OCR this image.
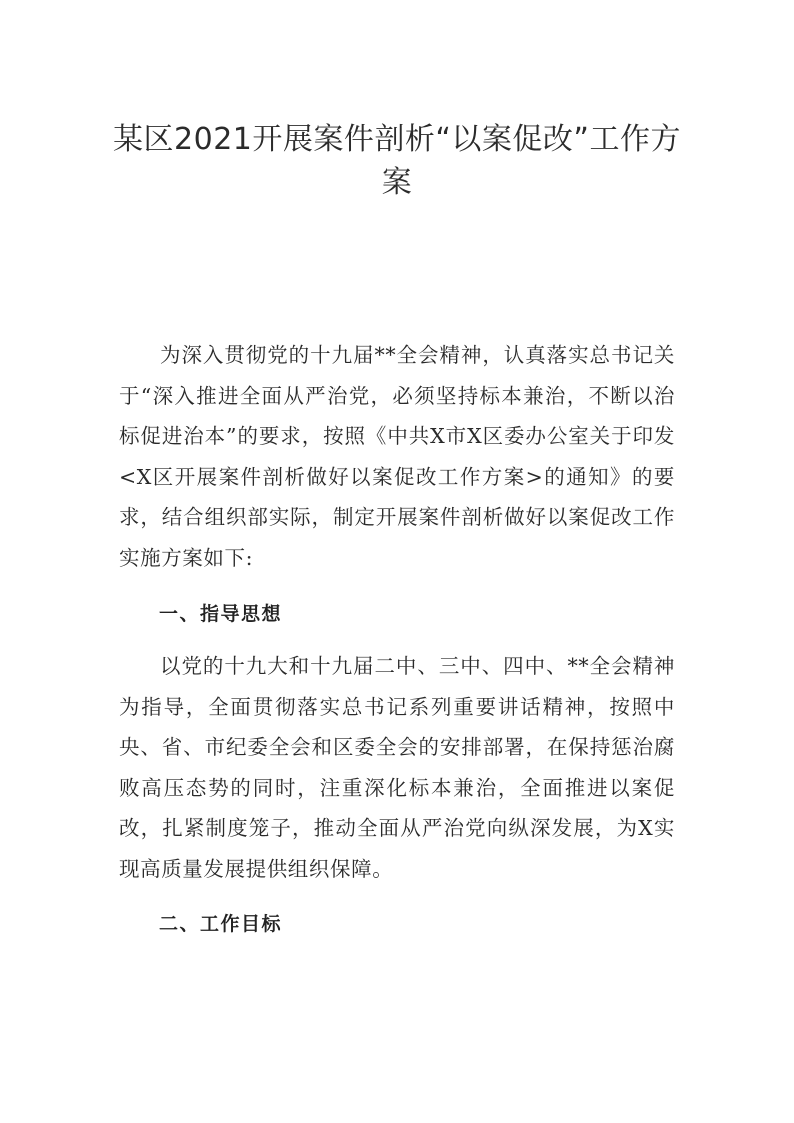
某区2021开展案件剖析“以案促改”工作方案

为深入贯彻党的十九届**全会精神，认真落实总书记关于“深入推进全面从严治党，必须坚持标本兼治，不断以治标促进治本”的要求，按照《中共X市X区委办公室关于印发<X区开展案件剖析做好以案促改工作方案>的通知》的要求，结合组织部实际，制定开展案件剖析做好以案促改工作实施方案如下:

一、指导思想

以党的十九大和十九届二中、三中、四中、**全会精神为指导，全面贯彻落实总书记系列重要讲话精神，按照中央、省、市纪委全会和区委全会的安排部署，在保持惩治腐败高压态势的同时，注重深化标本兼治，全面推进以案促改，扎紧制度笼子，推动全面从严治党向纵深发展，为X实现高质量发展提供组织保障。

二、工作目标
